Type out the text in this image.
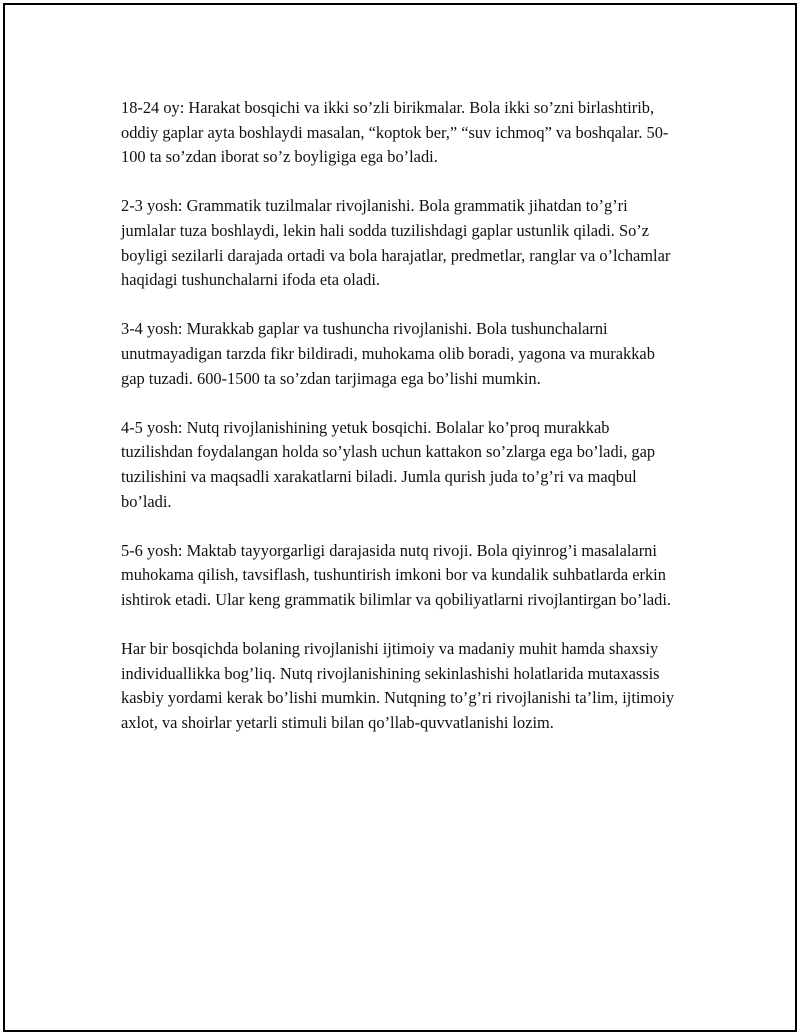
18-24 oy: Harakat bosqichi va ikki so’zli birikmalar. Bola ikki so’zni birlashtirib, oddiy gaplar ayta boshlaydi masalan, “koptok ber,” “suv ichmoq” va boshqalar. 50-100 ta so’zdan iborat so’z boyligiga ega bo’ladi.

2-3 yosh: Grammatik tuzilmalar rivojlanishi. Bola grammatik jihatdan to’g’ri jumlalar tuza boshlaydi, lekin hali sodda tuzilishdagi gaplar ustunlik qiladi. So’z boyligi sezilarli darajada ortadi va bola harajatlar, predmetlar, ranglar va o’lchamlar haqidagi tushunchalarni ifoda eta oladi.

3-4 yosh: Murakkab gaplar va tushuncha rivojlanishi. Bola tushunchalarni unutmayadigan tarzda fikr bildiradi, muhokama olib boradi, yagona va murakkab gap tuzadi. 600-1500 ta so’zdan tarjimaga ega bo’lishi mumkin.

4-5 yosh: Nutq rivojlanishining yetuk bosqichi. Bolalar ko’proq murakkab tuzilishdan foydalangan holda so’ylash uchun kattakon so’zlarga ega bo’ladi, gap tuzilishini va maqsadli xarakatlarni biladi. Jumla qurish juda to’g’ri va maqbul bo’ladi.

5-6 yosh: Maktab tayyorgarligi darajasida nutq rivoji. Bola qiyinrog’i masalalarni muhokama qilish, tavsiflash, tushuntirish imkoni bor va kundalik suhbatlarda erkin ishtirok etadi. Ular keng grammatik bilimlar va qobiliyatlarni rivojlantirgan bo’ladi.

Har bir bosqichda bolaning rivojlanishi ijtimoiy va madaniy muhit hamda shaxsiy individuallikka bog’liq. Nutq rivojlanishining sekinlashishi holatlarida mutaxassis kasbiy yordami kerak bo’lishi mumkin. Nutqning to’g’ri rivojlanishi ta’lim, ijtimoiy axlot, va shoirlar yetarli stimuli bilan qo’llab-quvvatlanishi lozim.
